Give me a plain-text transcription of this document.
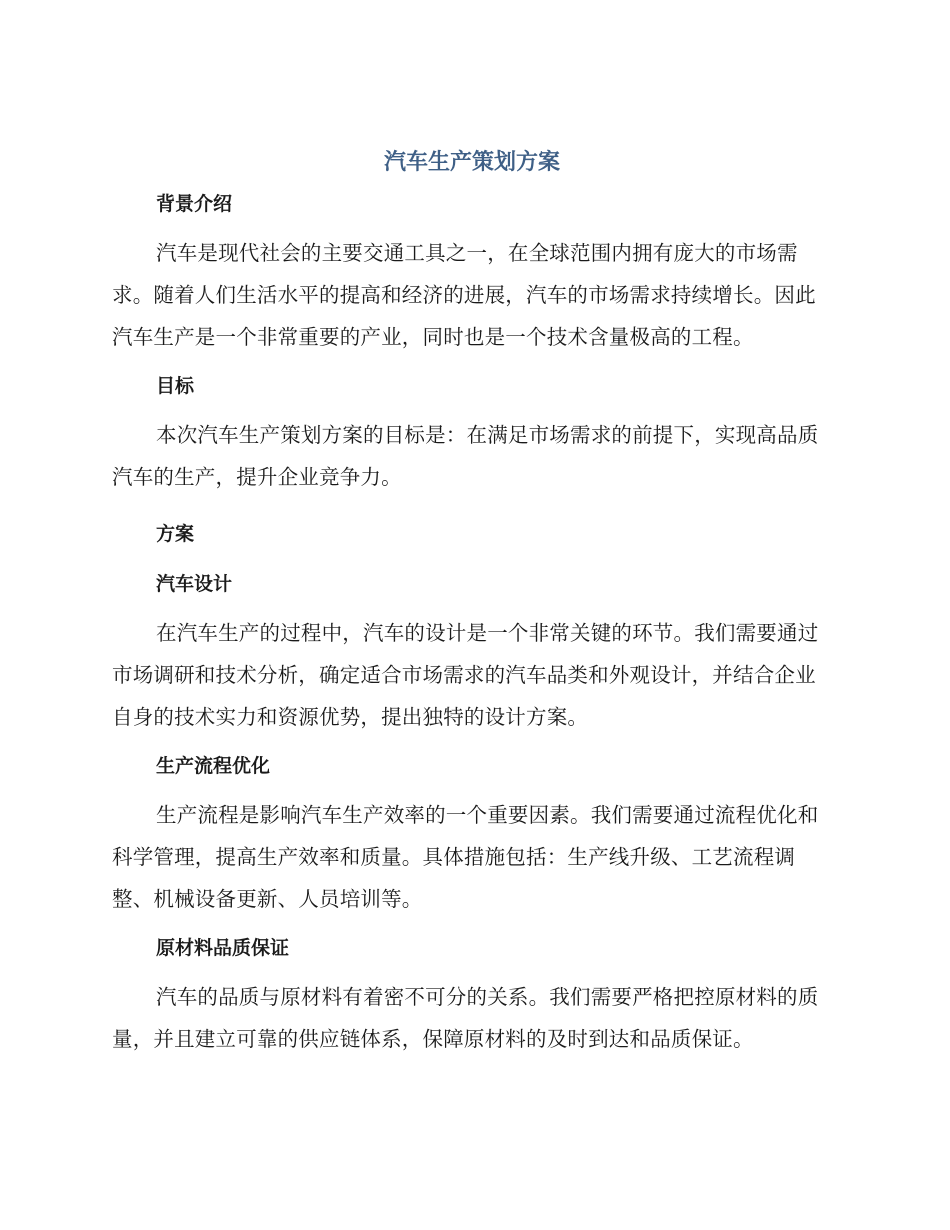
汽车生产策划方案
背景介绍

汽车是现代社会的主要交通工具之一，在全球范围内拥有庞大的市场需求。随着人们生活水平的提高和经济的进展，汽车的市场需求持续增长。因此汽车生产是一个非常重要的产业，同时也是一个技术含量极高的工程。

目标

本次汽车生产策划方案的目标是：在满足市场需求的前提下，实现高品质汽车的生产，提升企业竞争力。

方案
汽车设计

在汽车生产的过程中，汽车的设计是一个非常关键的环节。我们需要通过市场调研和技术分析，确定适合市场需求的汽车品类和外观设计，并结合企业自身的技术实力和资源优势，提出独特的设计方案。

生产流程优化

生产流程是影响汽车生产效率的一个重要因素。我们需要通过流程优化和科学管理，提高生产效率和质量。具体措施包括：生产线升级、工艺流程调整、机械设备更新、人员培训等。

原材料品质保证

汽车的品质与原材料有着密不可分的关系。我们需要严格把控原材料的质量，并且建立可靠的供应链体系，保障原材料的及时到达和品质保证。
